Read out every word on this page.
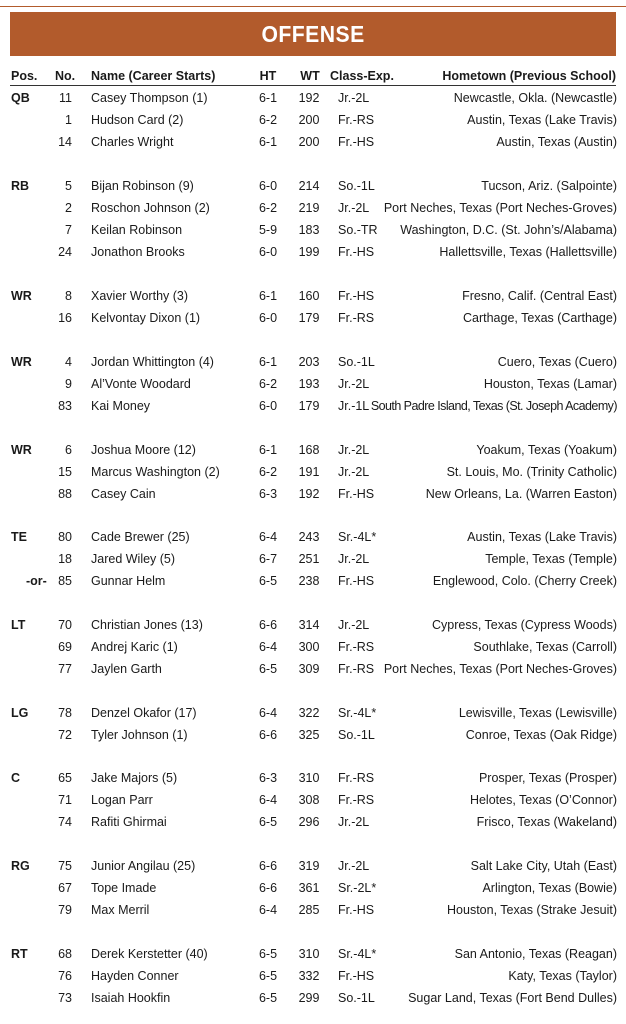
OFFENSE
Pos. No. Name (Career Starts)	HT WT Class-Exp.	Hometown (Previous School)
QB	11 Casey Thompson (1)	6-1 192 Jr.-2L	Newcastle, Okla. (Newcastle)
1 Hudson Card (2)	6-2 200 Fr.-RS	Austin, Texas (Lake Travis)
14 Charles Wright	6-1 200 Fr.-HS	Austin, Texas (Austin)
RB	5 Bijan Robinson (9)	6-0 214 So.-1L	Tucson, Ariz. (Salpointe)
2 Roschon Johnson (2)	6-2 219 Jr.-2L Port Neches, Texas (Port Neches-Groves)
7 Keilan Robinson	5-9 183 So.-TR Washington, D.C. (St. John’s/Alabama)
24 Jonathon Brooks	6-0 199 Fr.-HS	Hallettsville, Texas (Hallettsville)
WR	8 Xavier Worthy (3)	6-1 160 Fr.-HS	Fresno, Calif. (Central East)
16 Kelvontay Dixon (1)	6-0 179 Fr.-RS	Carthage, Texas (Carthage)
WR	4 Jordan Whittington (4)	6-1 203 So.-1L	Cuero, Texas (Cuero)
9 Al’Vonte Woodard	6-2 193 Jr.-2L	Houston, Texas (Lamar)
83 Kai Money	6-0 179 Jr.-1L South Padre Island, Texas (St. Joseph Academy)
WR	6 Joshua Moore (12)	6-1 168 Jr.-2L	Yoakum, Texas (Yoakum)
15 Marcus Washington (2)	6-2 191 Jr.-2L	St. Louis, Mo. (Trinity Catholic)
88 Casey Cain	6-3 192 Fr.-HS	New Orleans, La. (Warren Easton)
TE	80 Cade Brewer (25)	6-4 243 Sr.-4L*	Austin, Texas (Lake Travis)
18 Jared Wiley (5)	6-7 251 Jr.-2L	Temple, Texas (Temple)
-or- 85 Gunnar Helm	6-5 238 Fr.-HS	Englewood, Colo. (Cherry Creek)
LT	70 Christian Jones (13)	6-6 314 Jr.-2L	Cypress, Texas (Cypress Woods)
69 Andrej Karic (1)	6-4 300 Fr.-RS	Southlake, Texas (Carroll)
77 Jaylen Garth	6-5 309 Fr.-RS Port Neches, Texas (Port Neches-Groves)
LG	78 Denzel Okafor (17)	6-4 322 Sr.-4L*	Lewisville, Texas (Lewisville)
72 Tyler Johnson (1)	6-6 325 So.-1L	Conroe, Texas (Oak Ridge)
C	65 Jake Majors (5)	6-3 310 Fr.-RS	Prosper, Texas (Prosper)
71 Logan Parr	6-4 308 Fr.-RS	Helotes, Texas (O’Connor)
74 Rafiti Ghirmai	6-5 296 Jr.-2L	Frisco, Texas (Wakeland)
RG	75 Junior Angilau (25)	6-6 319 Jr.-2L	Salt Lake City, Utah (East)
67 Tope Imade	6-6 361 Sr.-2L*	Arlington, Texas (Bowie)
79 Max Merril	6-4 285 Fr.-HS	Houston, Texas (Strake Jesuit)
RT	68 Derek Kerstetter (40)	6-5 310 Sr.-4L*	San Antonio, Texas (Reagan)
76 Hayden Conner	6-5 332 Fr.-HS	Katy, Texas (Taylor)
73 Isaiah Hookfin	6-5 299 So.-1L	Sugar Land, Texas (Fort Bend Dulles)
